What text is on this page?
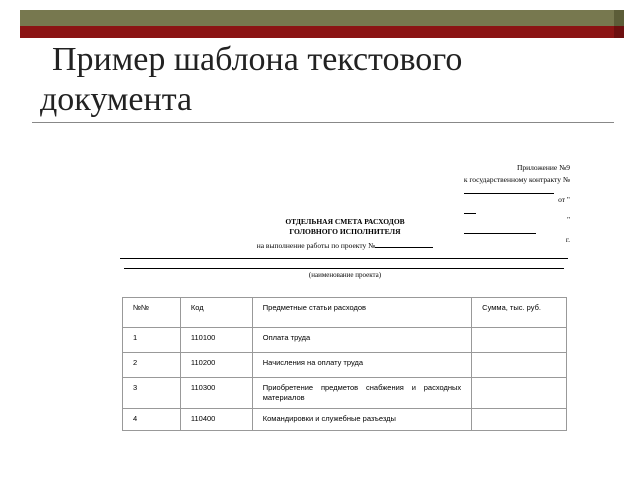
Пример шаблона текстового
документа
Приложение №9
к государственному контракту №
от "
"
г.
ОТДЕЛЬНАЯ СМЕТА РАСХОДОВ
ГОЛОВНОГО ИСПОЛНИТЕЛЯ
на выполнение работы по проекту №
(наименование проекта)
№№	Код	Предметные статьи расходов	Сумма, тыс. руб.
1	110100	Оплата труда	
2	110200	Начисления на оплату труда	
3	110300	Приобретение предметов снабжения и расходных материалов	
4	110400	Командировки и служебные разъезды	
